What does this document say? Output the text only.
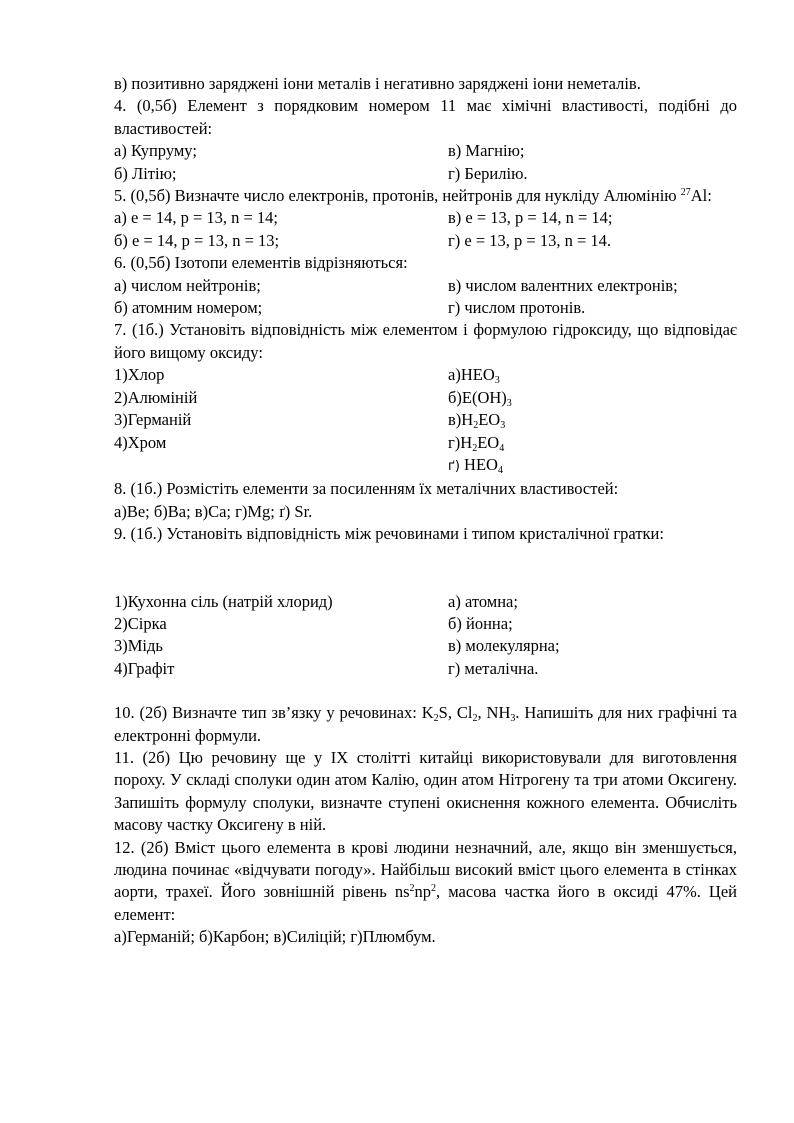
в) позитивно заряджені іони металів і негативно заряджені іони неметалів.
4. (0,5б) Елемент з порядковим номером 11 має хімічні властивості, подібні до властивостей:
а) Купруму;	в) Магнію;
б) Літію;	г) Берилію.
5. (0,5б) Визначте число електронів, протонів, нейтронів для нукліду Алюмінію $^{27}$Al:
а) e = 14, p = 13, n = 14;	в) e = 13, p = 14, n = 14;
б) e = 14, p = 13, n = 13;	г) e = 13, p = 13, n = 14.
6. (0,5б) Ізотопи елементів відрізняються:
а) числом нейтронів;	в) числом валентних електронів;
б) атомним номером;	г) числом протонів.
7. (1б.) Установіть відповідність між елементом і формулою гідроксиду, що відповідає його вищому оксиду:
1)Хлор	$а)HEO_3$
2)Алюміній	$б)E(OH)_3$
3)Германій	$в)H_2EO_3$
4)Хром	$г)H_2EO_4$
ґ) $HEO_4$
8. (1б.) Розмістіть елементи за посиленням їх металічних властивостей:
а)Be; б)Ba; в)Ca; г)Mg; ґ) Sr.
9. (1б.) Установіть відповідність між речовинами і типом кристалічної гратки:
1)Кухонна сіль (натрій хлорид)	а) атомна;
2)Сірка	б) йонна;
3)Мідь	в) молекулярна;
4)Графіт	г) металічна.
10. (2б) Визначте тип зв’язку у речовинах: $K_2S$, $Cl_2$, $NH_3$. Напишіть для них графічні та електронні формули.
11. (2б) Цю речовину ще у IX столітті китайці використовували для виготовлення пороху. У складі сполуки один атом Калію, один атом Нітрогену та три атоми Оксигену. Запишіть формулу сполуки, визначте ступені окиснення кожного елемента. Обчисліть масову частку Оксигену в ній.
12. (2б) Вміст цього елемента в крові людини незначний, але, якщо він зменшується, людина починає «відчувати погоду». Найбільш високий вміст цього елемента в стінках аорти, трахеї. Його зовнішній рівень $ns^2np^2$, масова частка його в оксиді 47%. Цей елемент:
а)Германій; б)Карбон; в)Силіцій; г)Плюмбум.
